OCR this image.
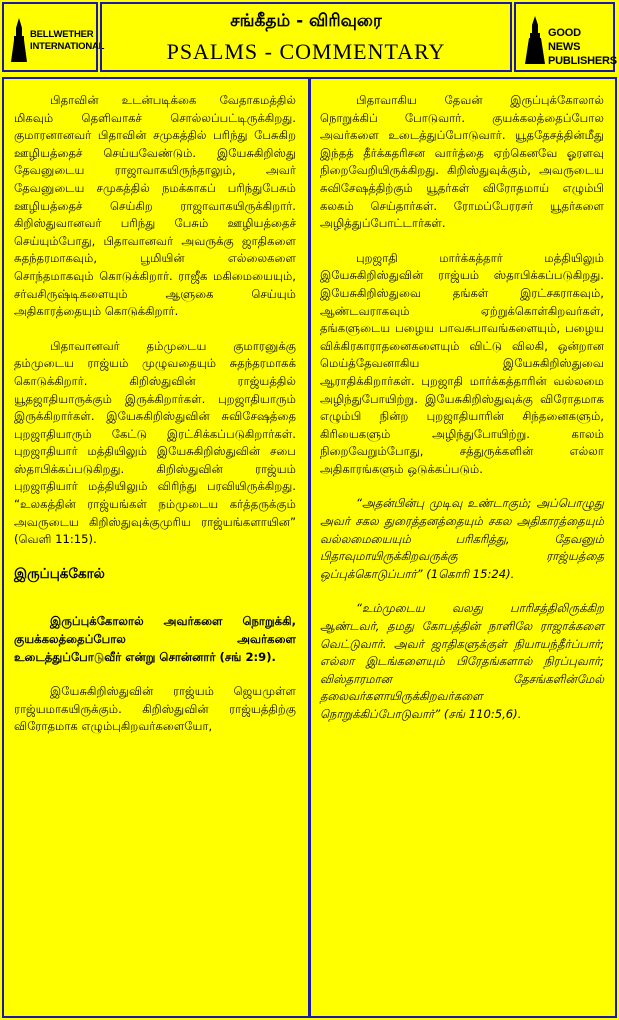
BELLWETHER INTERNATIONAL
சங்கீதம் - விரிவுரை
PSALMS - COMMENTARY
GOOD NEWS PUBLISHERS

பிதாவின் உடன்படிக்கை வேதாகமத்தில் மிகவும் தெளிவாகச் சொல்லப்பட்டிருக்கிறது. குமாரனானவர் பிதாவின் சமுகத்தில் பரிந்து பேசுகிற ஊழியத்தைச் செய்யவேண்டும். இயேசுகிறிஸ்து தேவனுடைய ராஜாவாகயிருந்தாலும், அவர் தேவனுடைய சமுகத்தில் நமக்காகப் பரிந்துபேசும் ஊழியத்தைச் செய்கிற ராஜாவாகயிருக்கிறார். கிறிஸ்துவானவர் பரிந்து பேசும் ஊழியத்தைச் செய்யும்போது, பிதாவானவர் அவருக்கு ஜாதிகளை சுதந்தரமாகவும், பூமியின் எல்லைகளை சொந்தமாகவும் கொடுக்கிறார். ராஜீக மகிமையையும், சர்வசிருஷ்டிகளையும் ஆளுகை செய்யும் அதிகாரத்தையும் கொடுக்கிறார்.

பிதாவானவர் தம்முடைய குமாரனுக்கு தம்முடைய ராஜ்யம் முழுவதையும் சுதந்தரமாகக் கொடுக்கிறார். கிறிஸ்துவின் ராஜ்யத்தில் யூதஜாதியாருக்கும் இருக்கிறார்கள். புறஜாதியாரும் இருக்கிறார்கள். இயேசுகிறிஸ்துவின் சுவிசேஷத்தை புறஜாதியாரும் கேட்டு இரட்சிக்கப்படுகிறார்கள். புறஜாதியார் மத்தியிலும் இயேசுகிறிஸ்துவின் சபை ஸ்தாபிக்கப்படுகிறது. கிறிஸ்துவின் ராஜ்யம் புறஜாதியார் மத்தியிலும் விரிந்து பரவியிருக்கிறது. “உலகத்தின் ராஜ்யங்கள் நம்முடைய கர்த்தருக்கும் அவருடைய கிறிஸ்துவுக்குமுரிய ராஜ்யங்களாயின” (வெளி 11:15).

இருப்புக்கோல்

இருப்புக்கோலால் அவர்களை நொறுக்கி, குயக்கலத்தைப்போல அவர்களை உடைத்துப்போடுவீர் என்று சொன்னார் (சங் 2:9).

இயேசுகிறிஸ்துவின் ராஜ்யம் ஜெயமுள்ள ராஜ்யமாகயிருக்கும். கிறிஸ்துவின் ராஜ்யத்திற்கு விரோதமாக எழும்புகிறவர்களையோ,

பிதாவாகிய தேவன் இருப்புக்கோலால் நொறுக்கிப் போடுவார். குயக்கலத்தைப்போல அவர்களை உடைத்துப்போடுவார். யூததேசத்தின்மீது இந்தத் தீர்க்கதரிசன வார்த்தை ஏற்கெனவே ஓரளவு நிறைவேறியிருக்கிறது. கிறிஸ்துவுக்கும், அவருடைய சுவிசேஷத்திற்கும் யூதர்கள் விரோதமாய் எழும்பி கலகம் செய்தார்கள். ரோமப்பேரரசர் யூதர்களை அழித்துப்போட்டார்கள்.

புறஜாதி மார்க்கத்தார் மத்தியிலும் இயேசுகிறிஸ்துவின் ராஜ்யம் ஸ்தாபிக்கப்படுகிறது. இயேசுகிறிஸ்துவை தங்கள் இரட்சகராகவும், ஆண்டவராகவும் ஏற்றுக்கொள்கிறவர்கள், தங்களுடைய பழைய பாவசுபாவங்களையும், பழைய விக்கிரகாராதனைகளையும் விட்டு விலகி, ஒன்றான மெய்த்தேவனாகிய இயேசுகிறிஸ்துவை ஆராதிக்கிறார்கள். புறஜாதி மார்க்கத்தாரின் வல்லமை அழிந்துபோயிற்று. இயேசுகிறிஸ்துவுக்கு விரோதமாக எழும்பி நின்ற புறஜாதியாரின் சிந்தனைகளும், கிரியைகளும் அழிந்துபோயிற்று. காலம் நிறைவேறும்போது, சத்துருக்களின் எல்லா அதிகாரங்களும் ஒடுக்கப்படும்.

“அதன்பின்பு முடிவு உண்டாகும்; அப்பொழுது அவர் சகல துரைத்தனத்தையும் சகல அதிகாரத்தையும் வல்லமையையும் பரிகரித்து, தேவனும் பிதாவுமாயிருக்கிறவருக்கு ராஜ்யத்தை ஒப்புக்கொடுப்பார்” (1கொரி 15:24).

“உம்முடைய வலது பாரிசத்திலிருக்கிற ஆண்டவர், தமது கோபத்தின் நாளிலே ராஜாக்களை வெட்டுவார். அவர் ஜாதிகளுக்குள் நியாயந்தீர்ப்பார்; எல்லா இடங்களையும் பிரேதங்களால் நிரப்புவார்; விஸ்தாரமான தேசங்களின்மேல் தலைவர்களாயிருக்கிறவர்களை நொறுக்கிப்போடுவார்” (சங் 110:5,6).
